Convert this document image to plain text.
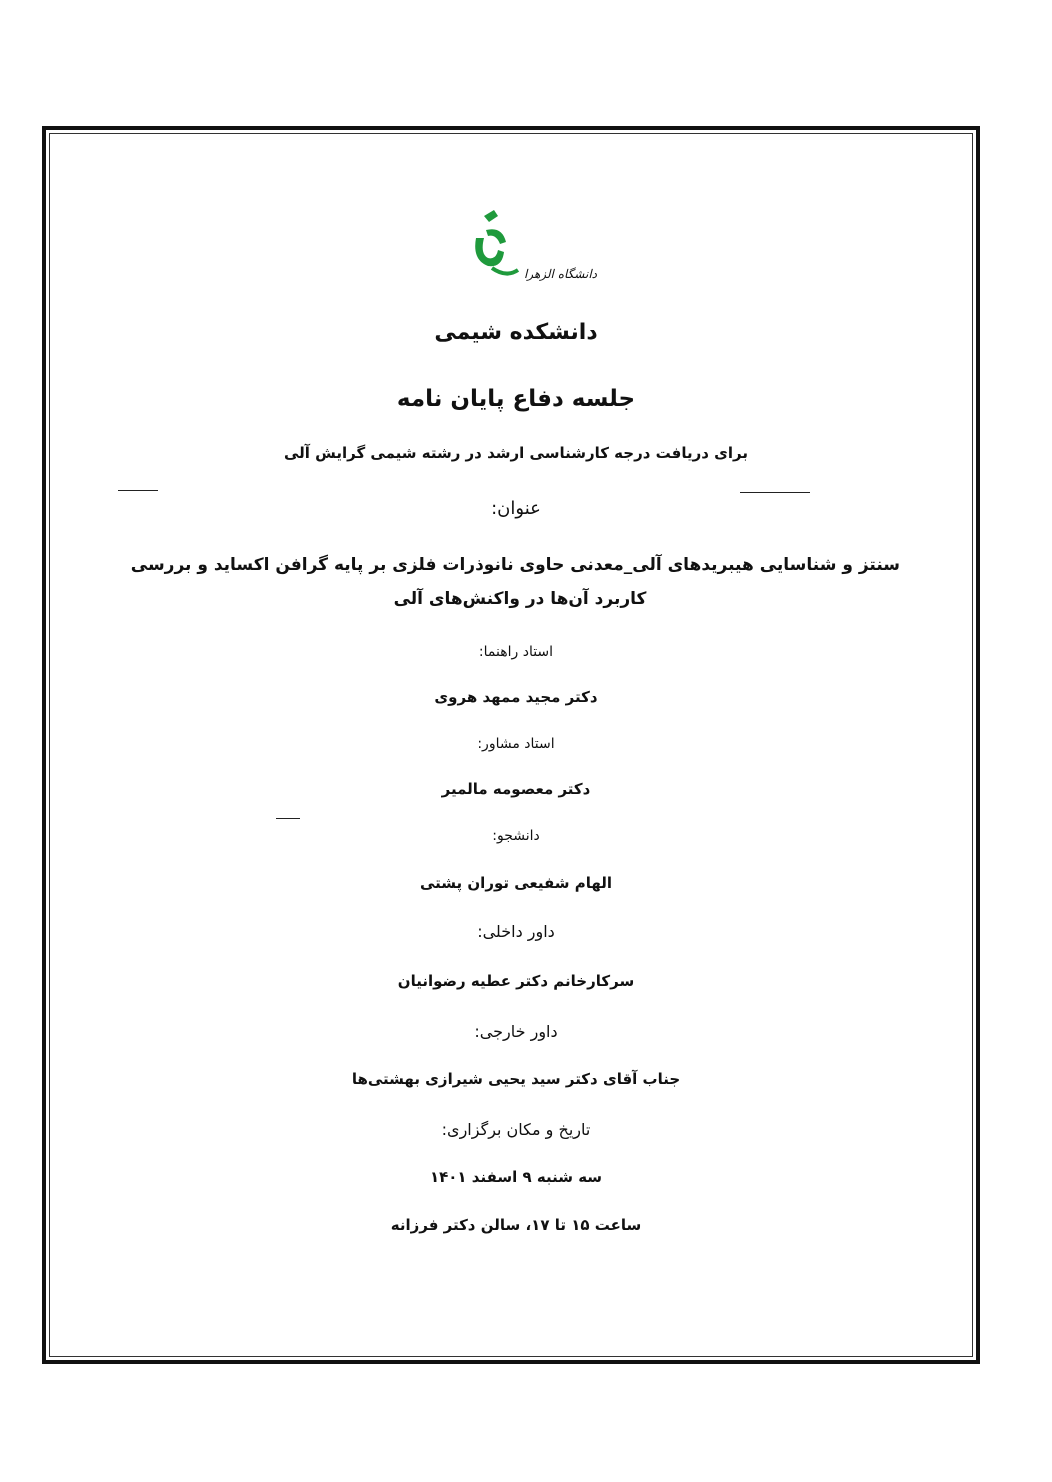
دانشگاه الزهرا
دانشکده شیمی
جلسه دفاع پایان نامه
برای دریافت درجه کارشناسی ارشد در رشته شیمی گرایش آلی
عنوان:
سنتز و شناسایی هیبریدهای آلی_معدنی حاوی نانوذرات فلزی بر پایه گرافن اکساید و بررسی
کاربرد آن‌ها در واکنش‌های آلی
استاد راهنما:
دکتر مجید ممهد هروی
استاد مشاور:
دکتر معصومه مالمیر
دانشجو:
الهام شفیعی توران پشتی
داور داخلی:
سرکارخانم دکتر عطیه رضوانیان
داور خارجی:
جناب آقای دکتر سید یحیی شیرازی بهشتی‌ها
تاریخ و مکان برگزاری:
سه شنبه ۹ اسفند ۱۴۰۱
ساعت ۱۵ تا ۱۷، سالن دکتر فرزانه
